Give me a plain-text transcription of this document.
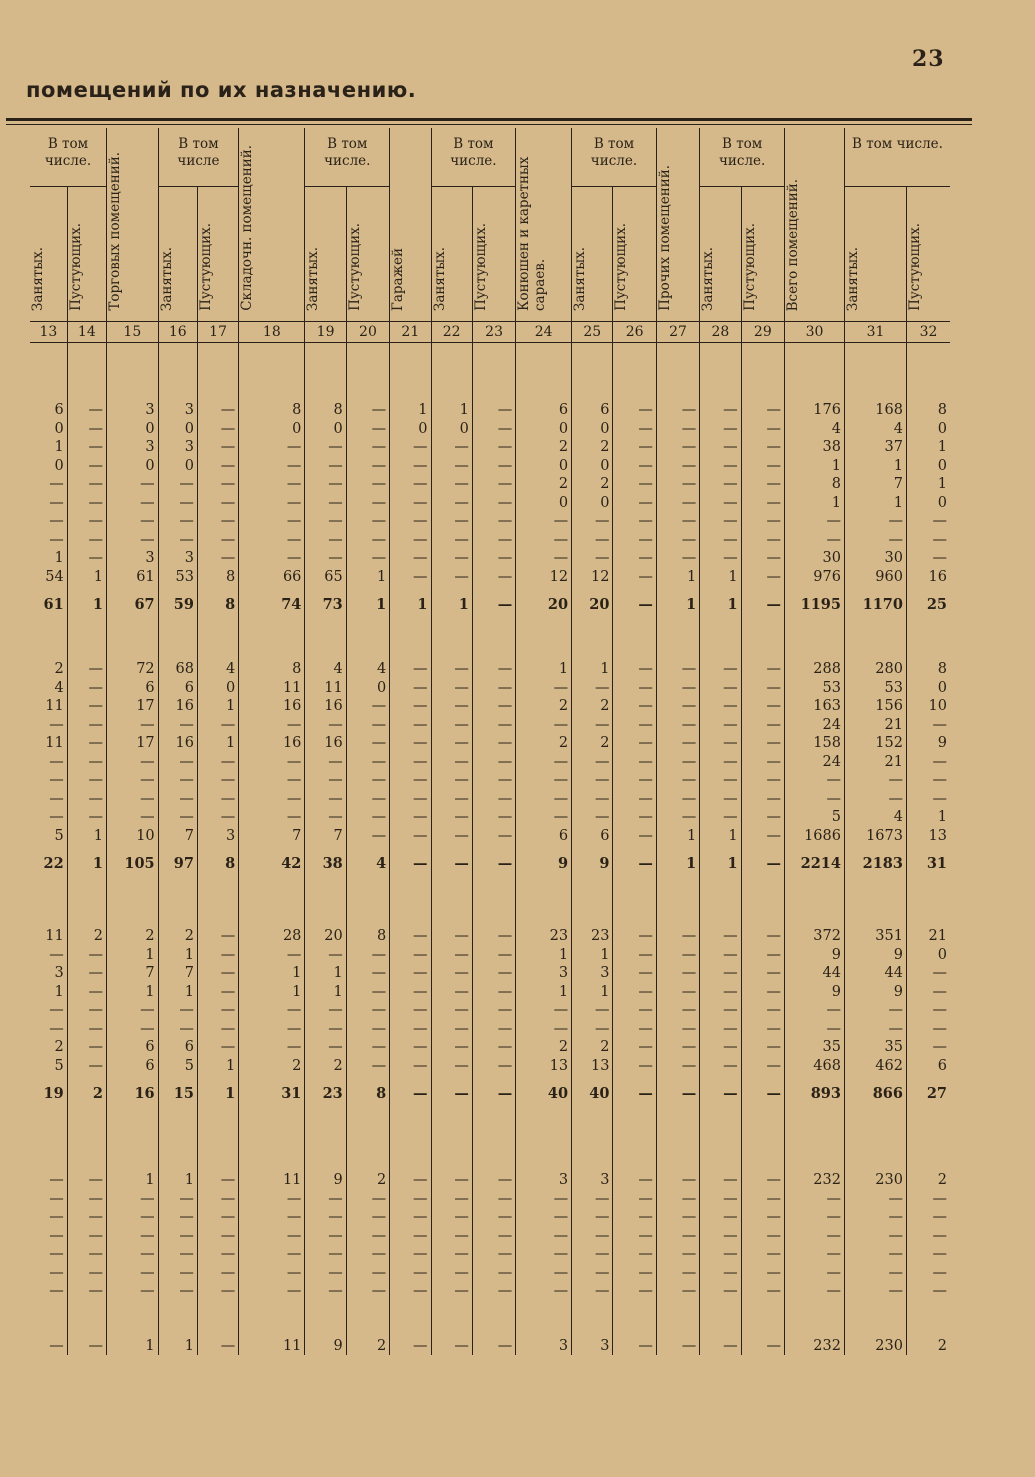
23
помещений по их назначению.
В том числе.		Торговых помещений.	В том числе		Складочн. помещений.	В том числе.		Гаражей	В том числе.		Конюшен и каретных сараев.	В том числе.		Прочих помещений.	В том числе.		Всего помещений.	В том числе.	
Занятых.	Пустующих.		Занятых.	Пустующих.		Занятых.	Пустующих.		Занятых.	Пустующих.		Занятых.	Пустующих.		Занятых.	Пустующих.		Занятых.	Пустующих.
13	14	15	16	17	18	19	20	21	22	23	24	25	26	27	28	29	30	31	32

6	—	3	3	—	8	8	—	1	1	—	6	6	—	—	—	—	176	168	8
0	—	0	0	—	0	0	—	0	0	—	0	0	—	—	—	—	4	4	0
1	—	3	3	—	—	—	—	—	—	—	2	2	—	—	—	—	38	37	1
0	—	0	0	—	—	—	—	—	—	—	0	0	—	—	—	—	1	1	0
—	—	—	—	—	—	—	—	—	—	—	2	2	—	—	—	—	8	7	1
—	—	—	—	—	—	—	—	—	—	—	0	0	—	—	—	—	1	1	0
—	—	—	—	—	—	—	—	—	—	—	—	—	—	—	—	—	—	—	—
—	—	—	—	—	—	—	—	—	—	—	—	—	—	—	—	—	—	—	—
1	—	3	3	—	—	—	—	—	—	—	—	—	—	—	—	—	30	30	—
54	1	61	53	8	66	65	1	—	—	—	12	12	—	1	1	—	976	960	16
61	1	67	59	8	74	73	1	1	1	—	20	20	—	1	1	—	1195	1170	25

2	—	72	68	4	8	4	4	—	—	—	1	1	—	—	—	—	288	280	8
4	—	6	6	0	11	11	0	—	—	—	—	—	—	—	—	—	53	53	0
11	—	17	16	1	16	16	—	—	—	—	2	2	—	—	—	—	163	156	10
—	—	—	—	—	—	—	—	—	—	—	—	—	—	—	—	—	24	21	—
11	—	17	16	1	16	16	—	—	—	—	2	2	—	—	—	—	158	152	9
—	—	—	—	—	—	—	—	—	—	—	—	—	—	—	—	—	24	21	—
—	—	—	—	—	—	—	—	—	—	—	—	—	—	—	—	—	—	—	—
—	—	—	—	—	—	—	—	—	—	—	—	—	—	—	—	—	—	—	—
—	—	—	—	—	—	—	—	—	—	—	—	—	—	—	—	—	5	4	1
5	1	10	7	3	7	7	—	—	—	—	6	6	—	1	1	—	1686	1673	13
22	1	105	97	8	42	38	4	—	—	—	9	9	—	1	1	—	2214	2183	31

11	2	2	2	—	28	20	8	—	—	—	23	23	—	—	—	—	372	351	21
—	—	1	1	—	—	—	—	—	—	—	1	1	—	—	—	—	9	9	0
3	—	7	7	—	1	1	—	—	—	—	3	3	—	—	—	—	44	44	—
1	—	1	1	—	1	1	—	—	—	—	1	1	—	—	—	—	9	9	—
—	—	—	—	—	—	—	—	—	—	—	—	—	—	—	—	—	—	—	—
—	—	—	—	—	—	—	—	—	—	—	—	—	—	—	—	—	—	—	—
2	—	6	6	—	—	—	—	—	—	—	2	2	—	—	—	—	35	35	—
5	—	6	5	1	2	2	—	—	—	—	13	13	—	—	—	—	468	462	6
19	2	16	15	1	31	23	8	—	—	—	40	40	—	—	—	—	893	866	27

—	—	1	1	—	11	9	2	—	—	—	3	3	—	—	—	—	232	230	2
—	—	—	—	—	—	—	—	—	—	—	—	—	—	—	—	—	—	—	—
—	—	—	—	—	—	—	—	—	—	—	—	—	—	—	—	—	—	—	—
—	—	—	—	—	—	—	—	—	—	—	—	—	—	—	—	—	—	—	—
—	—	—	—	—	—	—	—	—	—	—	—	—	—	—	—	—	—	—	—
—	—	—	—	—	—	—	—	—	—	—	—	—	—	—	—	—	—	—	—
—	—	—	—	—	—	—	—	—	—	—	—	—	—	—	—	—	—	—	—

—	—	1	1	—	11	9	2	—	—	—	3	3	—	—	—	—	232	230	2
